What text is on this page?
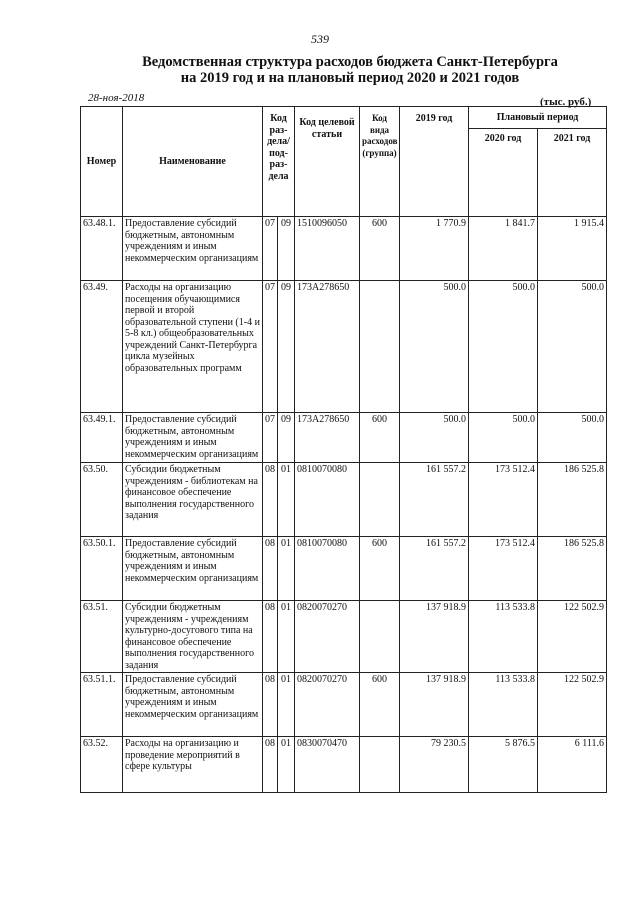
539
Ведомственная структура расходов бюджета Санкт-Петербурга
на 2019 год и на плановый период 2020 и 2021 годов
28-ноя-2018	(тыс. руб.)
Номер	Наименование	Код раз-дела/ под-раз-дела		Код целевой статьи	Код вида расходов (группа)	2019 год	Плановый период	
							2020 год	2021 год
63.48.1.	Предоставление субсидий бюджетным, автономным учреждениям и иным некоммерческим организациям	07	09	1510096050	600	1 770.9	1 841.7	1 915.4
63.49.	Расходы на организацию посещения обучающимися первой и второй образовательной ступени (1-4 и 5-8 кл.) общеобразовательных учреждений Санкт-Петербурга цикла музейных образовательных программ	07	09	173А278650		500.0	500.0	500.0
63.49.1.	Предоставление субсидий бюджетным, автономным учреждениям и иным некоммерческим организациям	07	09	173А278650	600	500.0	500.0	500.0
63.50.	Субсидии бюджетным учреждениям - библиотекам на финансовое обеспечение выполнения государственного задания	08	01	0810070080		161 557.2	173 512.4	186 525.8
63.50.1.	Предоставление субсидий бюджетным, автономным учреждениям и иным некоммерческим организациям	08	01	0810070080	600	161 557.2	173 512.4	186 525.8
63.51.	Субсидии бюджетным учреждениям - учреждениям культурно-досугового типа на финансовое обеспечение выполнения государственного задания	08	01	0820070270		137 918.9	113 533.8	122 502.9
63.51.1.	Предоставление субсидий бюджетным, автономным учреждениям и иным некоммерческим организациям	08	01	0820070270	600	137 918.9	113 533.8	122 502.9
63.52.	Расходы на организацию и проведение мероприятий в сфере культуры	08	01	0830070470		79 230.5	5 876.5	6 111.6
